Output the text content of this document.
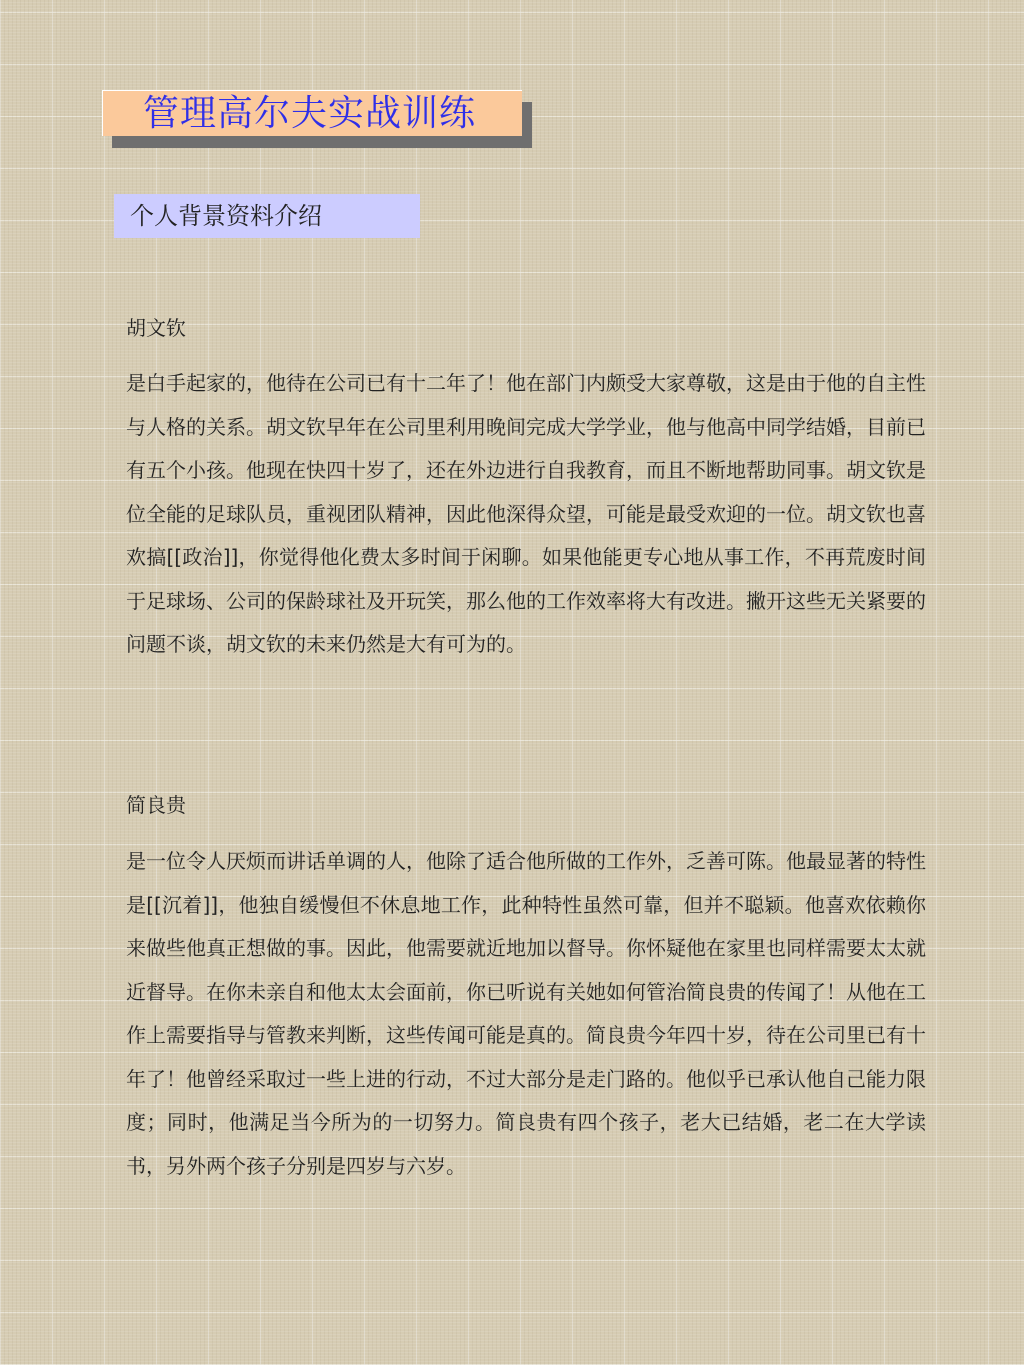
管理高尔夫实战训练
个人背景资料介绍
胡文钦

是白手起家的，他待在公司已有十二年了！他在部门内颇受大家尊敬，这是由于他的自主性与人格的关系。胡文钦早年在公司里利用晚间完成大学学业，他与他高中同学结婚，目前已有五个小孩。他现在快四十岁了，还在外边进行自我教育，而且不断地帮助同事。胡文钦是位全能的足球队员，重视团队精神，因此他深得众望，可能是最受欢迎的一位。胡文钦也喜欢搞[[政治]]，你觉得他化费太多时间于闲聊。如果他能更专心地从事工作，不再荒废时间于足球场、公司的保龄球社及开玩笑，那么他的工作效率将大有改进。撇开这些无关紧要的问题不谈，胡文钦的未来仍然是大有可为的。

简良贵

是一位令人厌烦而讲话单调的人，他除了适合他所做的工作外，乏善可陈。他最显著的特性是[[沉着]]，他独自缓慢但不休息地工作，此种特性虽然可靠，但并不聪颖。他喜欢依赖你来做些他真正想做的事。因此，他需要就近地加以督导。你怀疑他在家里也同样需要太太就近督导。在你未亲自和他太太会面前，你已听说有关她如何管治简良贵的传闻了！从他在工作上需要指导与管教来判断，这些传闻可能是真的。简良贵今年四十岁，待在公司里已有十年了！他曾经采取过一些上进的行动，不过大部分是走门路的。他似乎已承认他自己能力限度；同时，他满足当今所为的一切努力。简良贵有四个孩子，老大已结婚，老二在大学读书，另外两个孩子分别是四岁与六岁。
